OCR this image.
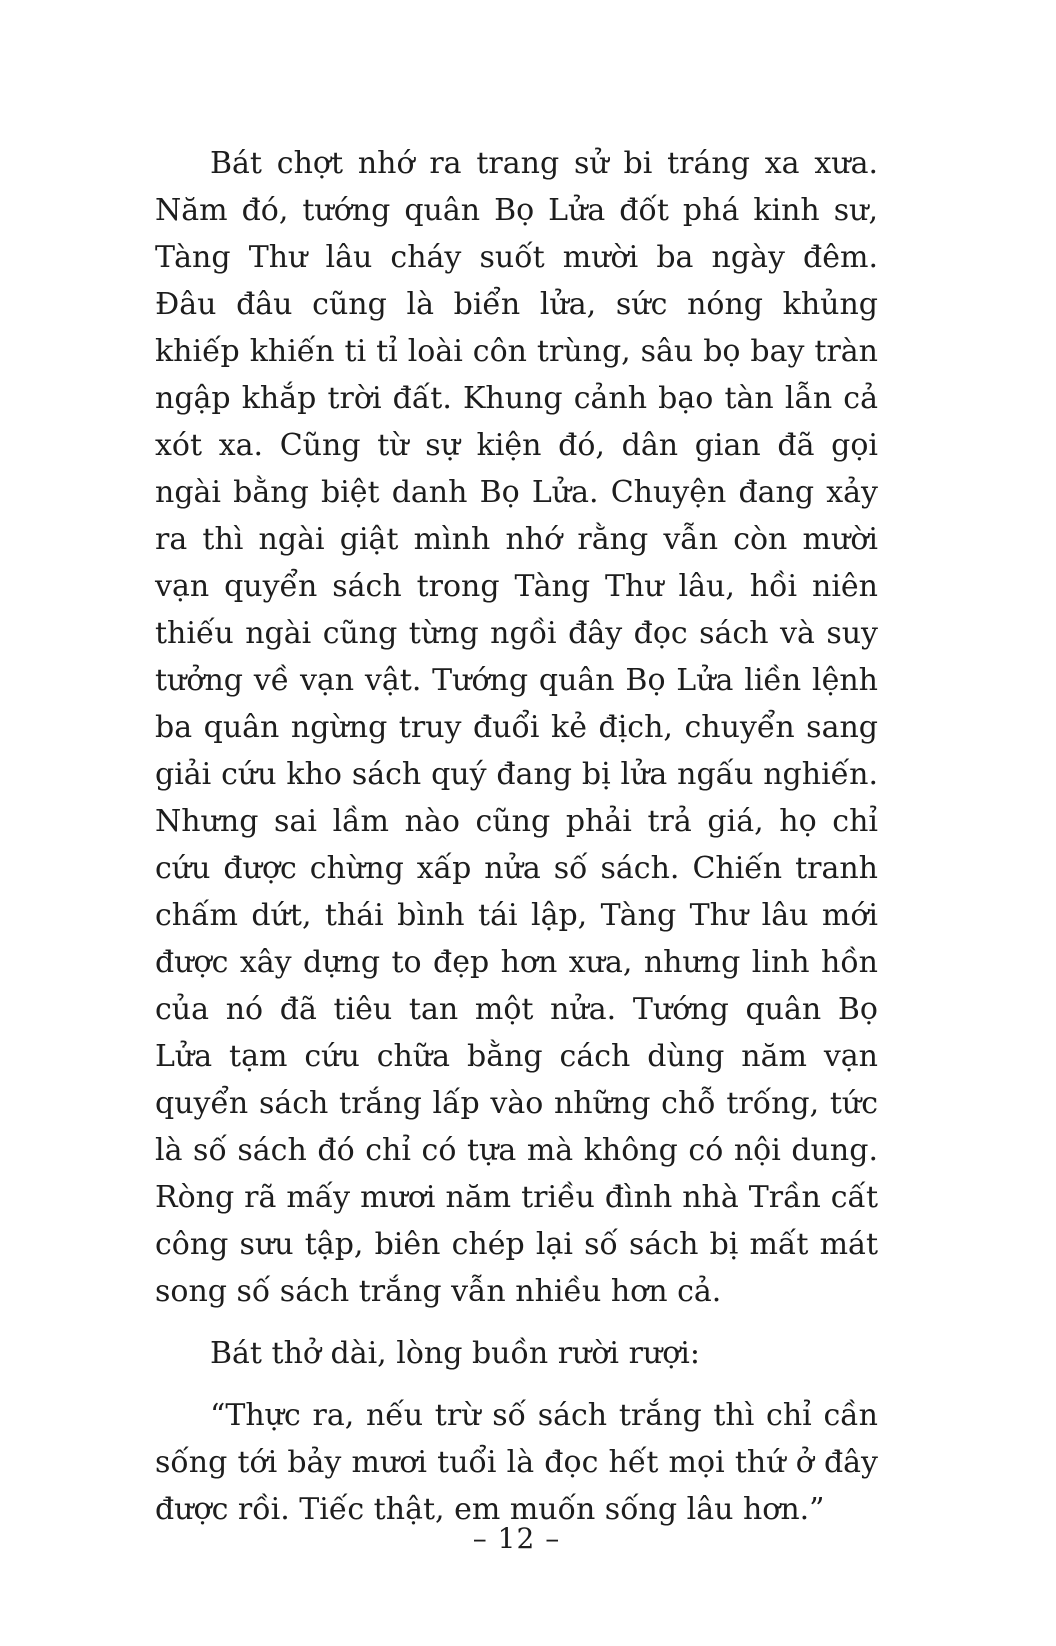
Bát chợt nhớ ra trang sử bi tráng xa xưa. Năm đó, tướng quân Bọ Lửa đốt phá kinh sư, Tàng Thư lâu cháy suốt mười ba ngày đêm. Đâu đâu cũng là biển lửa, sức nóng khủng khiếp khiến ti tỉ loài côn trùng, sâu bọ bay tràn ngập khắp trời đất. Khung cảnh bạo tàn lẫn cả xót xa. Cũng từ sự kiện đó, dân gian đã gọi ngài bằng biệt danh Bọ Lửa. Chuyện đang xảy ra thì ngài giật mình nhớ rằng vẫn còn mười vạn quyển sách trong Tàng Thư lâu, hồi niên thiếu ngài cũng từng ngồi đây đọc sách và suy tưởng về vạn vật. Tướng quân Bọ Lửa liền lệnh ba quân ngừng truy đuổi kẻ địch, chuyển sang giải cứu kho sách quý đang bị lửa ngấu nghiến. Nhưng sai lầm nào cũng phải trả giá, họ chỉ cứu được chừng xấp nửa số sách. Chiến tranh chấm dứt, thái bình tái lập, Tàng Thư lâu mới được xây dựng to đẹp hơn xưa, nhưng linh hồn của nó đã tiêu tan một nửa. Tướng quân Bọ Lửa tạm cứu chữa bằng cách dùng năm vạn quyển sách trắng lấp vào những chỗ trống, tức là số sách đó chỉ có tựa mà không có nội dung. Ròng rã mấy mươi năm triều đình nhà Trần cất công sưu tập, biên chép lại số sách bị mất mát song số sách trắng vẫn nhiều hơn cả.

Bát thở dài, lòng buồn rười rượi:

“Thực ra, nếu trừ số sách trắng thì chỉ cần sống tới bảy mươi tuổi là đọc hết mọi thứ ở đây được rồi. Tiếc thật, em muốn sống lâu hơn.”

– 12 –
